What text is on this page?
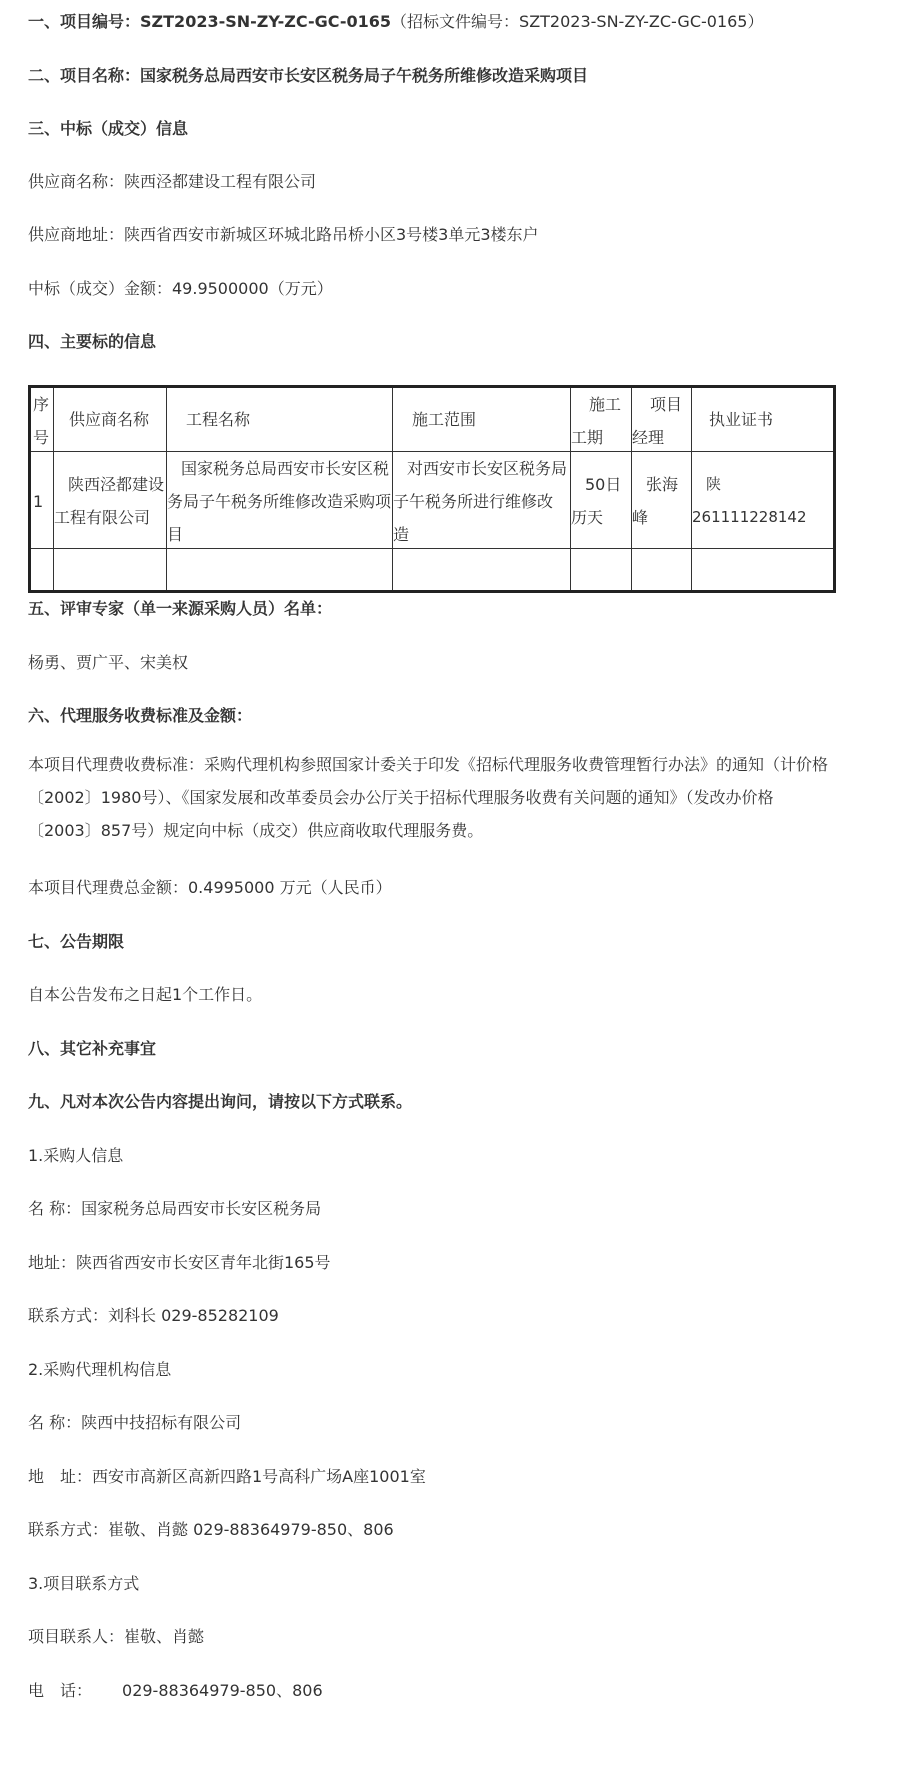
一、项目编号：SZT2023-SN-ZY-ZC-GC-0165（招标文件编号：SZT2023-SN-ZY-ZC-GC-0165）
二、项目名称：国家税务总局西安市长安区税务局子午税务所维修改造采购项目
三、中标（成交）信息
供应商名称：陕西泾都建设工程有限公司
供应商地址：陕西省西安市新城区环城北路吊桥小区3号楼3单元3楼东户
中标（成交）金额：49.9500000（万元）
四、主要标的信息
序
号
供应商名称 工程名称	施工范围
施工
工期
项目
经理
执业证书
1
陕西泾都建设
工程有限公司
国家税务总局西安市长安区税
务局子午税务所维修改造采购项
目
对西安市长安区税务局
子午税务所进行维修改
造
50日
历天
张海
峰
陕
261111228142
五、评审专家（单一来源采购人员）名单：
杨勇、贾广平、宋美权
六、代理服务收费标准及金额：
本项目代理费收费标准：采购代理机构参照国家计委关于印发《招标代理服务收费管理暂行办法》的通知（计价格
〔2002〕1980号）、《国家发展和改革委员会办公厅关于招标代理服务收费有关问题的通知》（发改办价格
〔2003〕857号）规定向中标（成交）供应商收取代理服务费。
本项目代理费总金额：0.4995000 万元（人民币）
七、公告期限
自本公告发布之日起1个工作日。
八、其它补充事宜
九、凡对本次公告内容提出询问，请按以下方式联系。
1.采购人信息
名 称：国家税务总局西安市长安区税务局
地址：陕西省西安市长安区青年北街165号
联系方式：刘科长 029-85282109
2.采购代理机构信息
名 称：陕西中技招标有限公司
地　址：西安市高新区高新四路1号高科广场A座1001室
联系方式：崔敬、肖懿 029-88364979-850、806
3.项目联系方式
项目联系人：崔敬、肖懿
电　话： 029-88364979-850、806
